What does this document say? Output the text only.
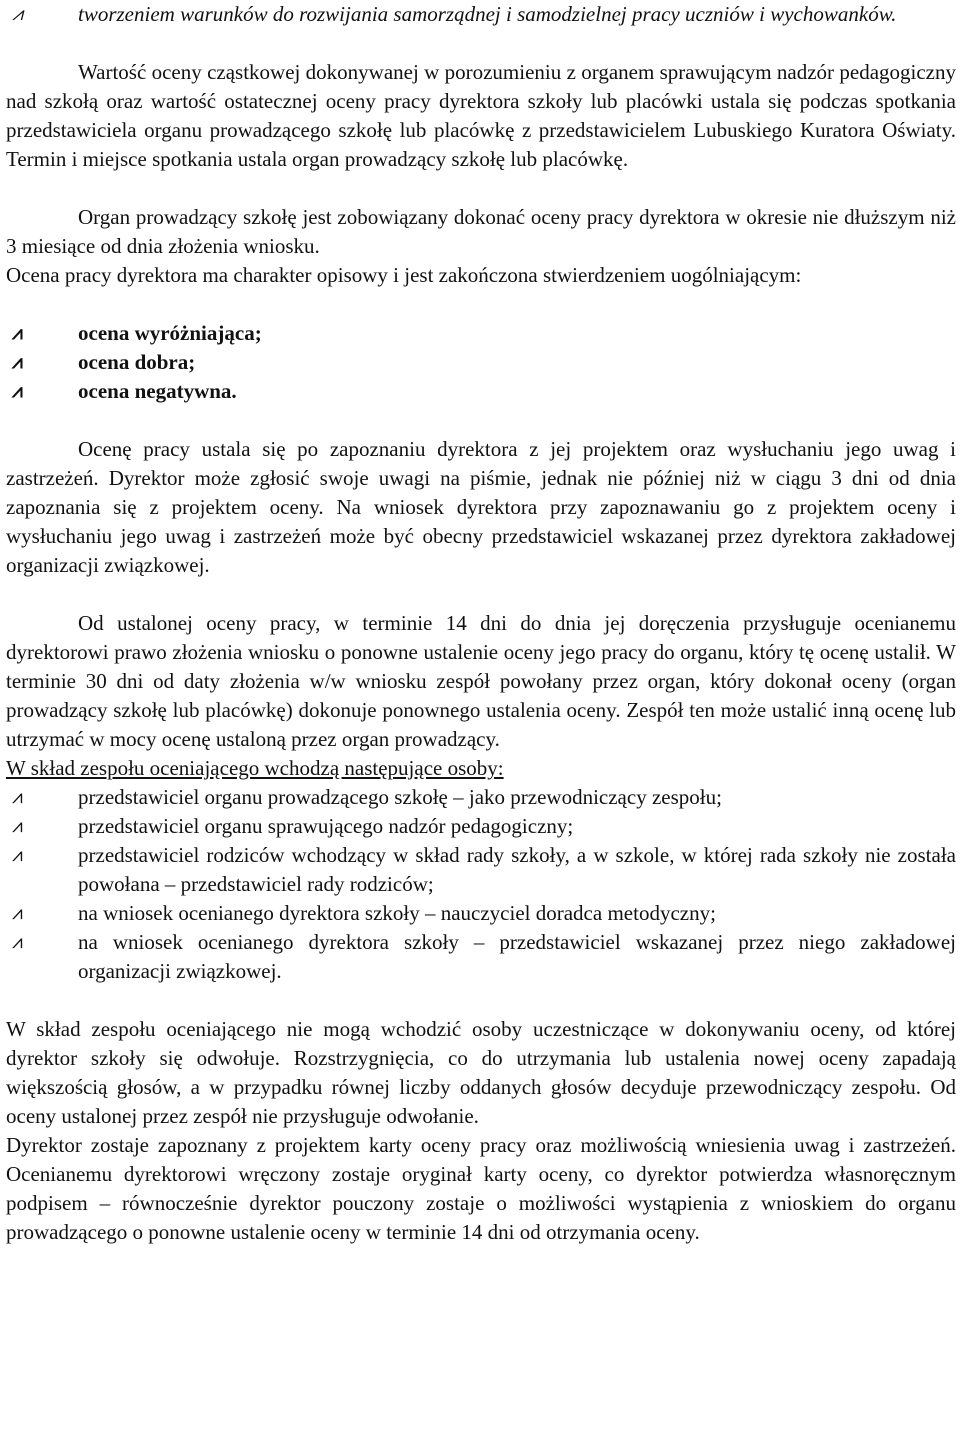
⩘	tworzeniem warunków do rozwijania samorządnej i samodzielnej pracy uczniów i wychowanków.

Wartość oceny cząstkowej dokonywanej w porozumieniu z organem sprawującym nadzór pedagogiczny nad szkołą oraz wartość ostatecznej oceny pracy dyrektora szkoły lub placówki ustala się podczas spotkania przedstawiciela organu prowadzącego szkołę lub placówkę z przedstawicielem Lubuskiego Kuratora Oświaty. Termin i miejsce spotkania ustala organ prowadzący szkołę lub placówkę.

Organ prowadzący szkołę jest zobowiązany dokonać oceny pracy dyrektora w okresie nie dłuższym niż 3 miesiące od dnia złożenia wniosku.

Ocena pracy dyrektora ma charakter opisowy i jest zakończona stwierdzeniem uogólniającym:

⩘	ocena wyróżniająca;

⩘	ocena dobra;

⩘	ocena negatywna.

Ocenę pracy ustala się po zapoznaniu dyrektora z jej projektem oraz wysłuchaniu jego uwag i zastrzeżeń. Dyrektor może zgłosić swoje uwagi na piśmie, jednak nie później niż w ciągu 3 dni od dnia zapoznania się z projektem oceny. Na wniosek dyrektora przy zapoznawaniu go z projektem oceny i wysłuchaniu jego uwag i zastrzeżeń może być obecny przedstawiciel wskazanej przez dyrektora zakładowej organizacji związkowej.

Od ustalonej oceny pracy, w terminie 14 dni do dnia jej doręczenia przysługuje ocenianemu dyrektorowi prawo złożenia wniosku o ponowne ustalenie oceny jego pracy do organu, który tę ocenę ustalił. W terminie 30 dni od daty złożenia w/w wniosku zespół powołany przez organ, który dokonał oceny (organ prowadzący szkołę lub placówkę) dokonuje ponownego ustalenia oceny. Zespół ten może ustalić inną ocenę lub utrzymać w mocy ocenę ustaloną przez organ prowadzący.

W skład zespołu oceniającego wchodzą następujące osoby:

⩘	przedstawiciel organu prowadzącego szkołę – jako przewodniczący zespołu;

⩘	przedstawiciel organu sprawującego nadzór pedagogiczny;

⩘	przedstawiciel rodziców wchodzący w skład rady szkoły, a w szkole, w której rada szkoły nie została powołana – przedstawiciel rady rodziców;

⩘	na wniosek ocenianego dyrektora szkoły – nauczyciel doradca metodyczny;

⩘	na wniosek ocenianego dyrektora szkoły – przedstawiciel wskazanej przez niego zakładowej organizacji związkowej.

W skład zespołu oceniającego nie mogą wchodzić osoby uczestniczące w dokonywaniu oceny, od której dyrektor szkoły się odwołuje. Rozstrzygnięcia, co do utrzymania lub ustalenia nowej oceny zapadają większością głosów, a w przypadku równej liczby oddanych głosów decyduje przewodniczący zespołu. Od oceny ustalonej przez zespół nie przysługuje odwołanie.

Dyrektor zostaje zapoznany z projektem karty oceny pracy oraz możliwością wniesienia uwag i zastrzeżeń. Ocenianemu dyrektorowi wręczony zostaje oryginał karty oceny, co dyrektor potwierdza własnoręcznym podpisem – równocześnie dyrektor pouczony zostaje o możliwości wystąpienia z wnioskiem do organu prowadzącego o ponowne ustalenie oceny w terminie 14 dni od otrzymania oceny.
